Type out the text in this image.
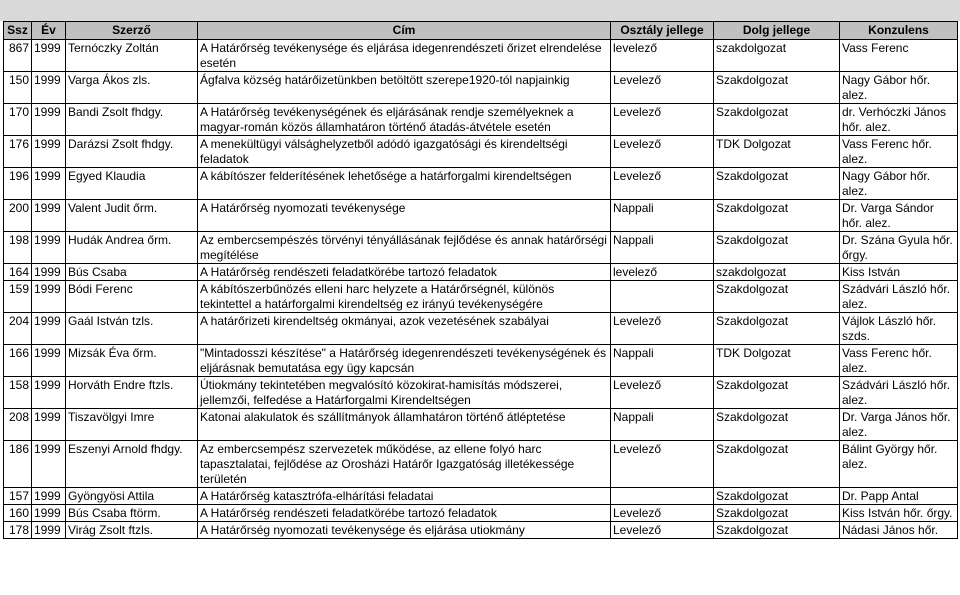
Ssz	Év	Szerző	Cím	Osztály jellege	Dolg jellege	Konzulens
867	1999	Ternóczky Zoltán	A Határőrség tevékenysége és eljárása idegenrendészeti őrizet elrendelése esetén	levelező	szakdolgozat	Vass Ferenc
150	1999	Varga Ákos zls.	Ágfalva község határőizetünkben betöltött szerepe1920-tól napjainkig	Levelező	Szakdolgozat	Nagy Gábor hőr. alez.
170	1999	Bandi Zsolt fhdgy.	A Határőrség tevékenységének és eljárásának rendje személyeknek a magyar-román közös államhatáron történő átadás-átvétele esetén	Levelező	Szakdolgozat	dr. Verhóczki János hőr. alez.
176	1999	Darázsi Zsolt fhdgy.	A menekültügyi válsághelyzetből adódó igazgatósági és kirendeltségi feladatok	Levelező	TDK Dolgozat	Vass Ferenc hőr. alez.
196	1999	Egyed Klaudia	A kábítószer felderítésének lehetősége a határforgalmi kirendeltségen	Levelező	Szakdolgozat	Nagy Gábor hőr. alez.
200	1999	Valent Judit őrm.	A Határőrség nyomozati tevékenysége	Nappali	Szakdolgozat	Dr. Varga Sándor hőr. alez.
198	1999	Hudák Andrea őrm.	Az embercsempészés törvényi tényállásának fejlődése és annak határőrségi megítélése	Nappali	Szakdolgozat	Dr. Szána Gyula hőr. őrgy.
164	1999	Bús Csaba	A Határőrség rendészeti feladatkörébe tartozó feladatok	levelező	szakdolgozat	Kiss István
159	1999	Bódi Ferenc	A kábítószerbűnözés elleni harc helyzete a Határőrségnél, különös tekintettel a határforgalmi kirendeltség ez irányú tevékenységére		Szakdolgozat	Szádvári László hőr. alez.
204	1999	Gaál István tzls.	A határőrizeti kirendeltség okmányai, azok vezetésének szabályai	Levelező	Szakdolgozat	Vájlok László hőr. szds.
166	1999	Mizsák Éva őrm.	"Mintadosszi készítése" a Határőrség idegenrendészeti tevékenységének és eljárásnak bemutatása egy ügy kapcsán	Nappali	TDK Dolgozat	Vass Ferenc hőr. alez.
158	1999	Horváth Endre ftzls.	Útiokmány tekintetében megvalósító közokirat-hamisítás módszerei, jellemzői, felfedése a Határforgalmi Kirendeltségen	Levelező	Szakdolgozat	Szádvári László hőr. alez.
208	1999	Tiszavölgyi Imre	Katonai alakulatok és szállítmányok államhatáron történő átléptetése	Nappali	Szakdolgozat	Dr. Varga János hőr. alez.
186	1999	Eszenyi Arnold fhdgy.	Az embercsempész szervezetek működése, az ellene folyó harc tapasztalatai, fejlődése az Orosházi Határőr Igazgatóság illetékessége területén	Levelező	Szakdolgozat	Bálint György hőr. alez.
157	1999	Gyöngyösi Attila	A Határőrség katasztrófa-elhárítási feladatai		Szakdolgozat	Dr. Papp Antal
160	1999	Bús Csaba ftörm.	A Határőrség rendészeti feladatkörébe tartozó feladatok	Levelező	Szakdolgozat	Kiss István hőr. őrgy.
178	1999	Virág Zsolt ftzls.	A Határőrség nyomozati tevékenysége és eljárása utiokmány	Levelező	Szakdolgozat	Nádasi János hőr.
